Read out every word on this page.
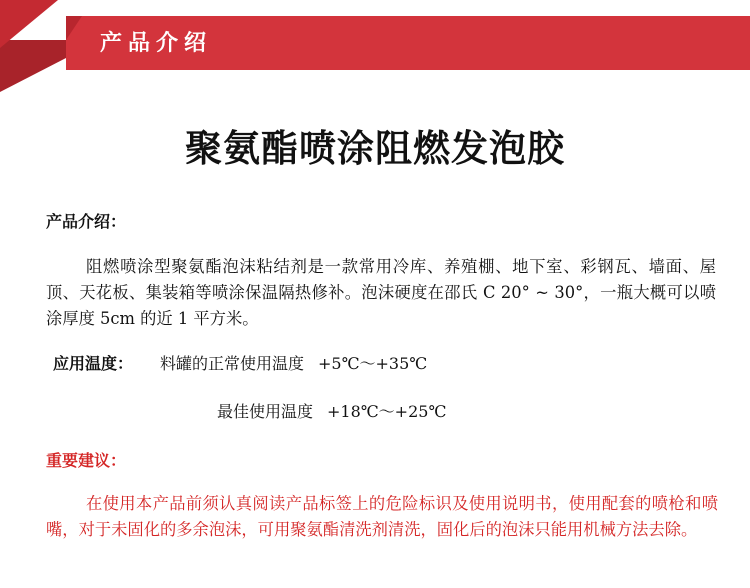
产品介绍
聚氨酯喷涂阻燃发泡胶
产品介绍：
阻燃喷涂型聚氨酯泡沫粘结剂是一款常用冷库、养殖棚、地下室、彩钢瓦、墙面、屋顶、天花板、集装箱等喷涂保温隔热修补。泡沫硬度在邵氏 C 20° ~ 30°，一瓶大概可以喷涂厚度 5cm 的近 1 平方米。
应用温度： 料罐的正常使用温度 +5℃～+35℃
最佳使用温度 +18℃～+25℃
重要建议：
在使用本产品前须认真阅读产品标签上的危险标识及使用说明书，使用配套的喷枪和喷嘴，对于未固化的多余泡沫，可用聚氨酯清洗剂清洗，固化后的泡沫只能用机械方法去除。
